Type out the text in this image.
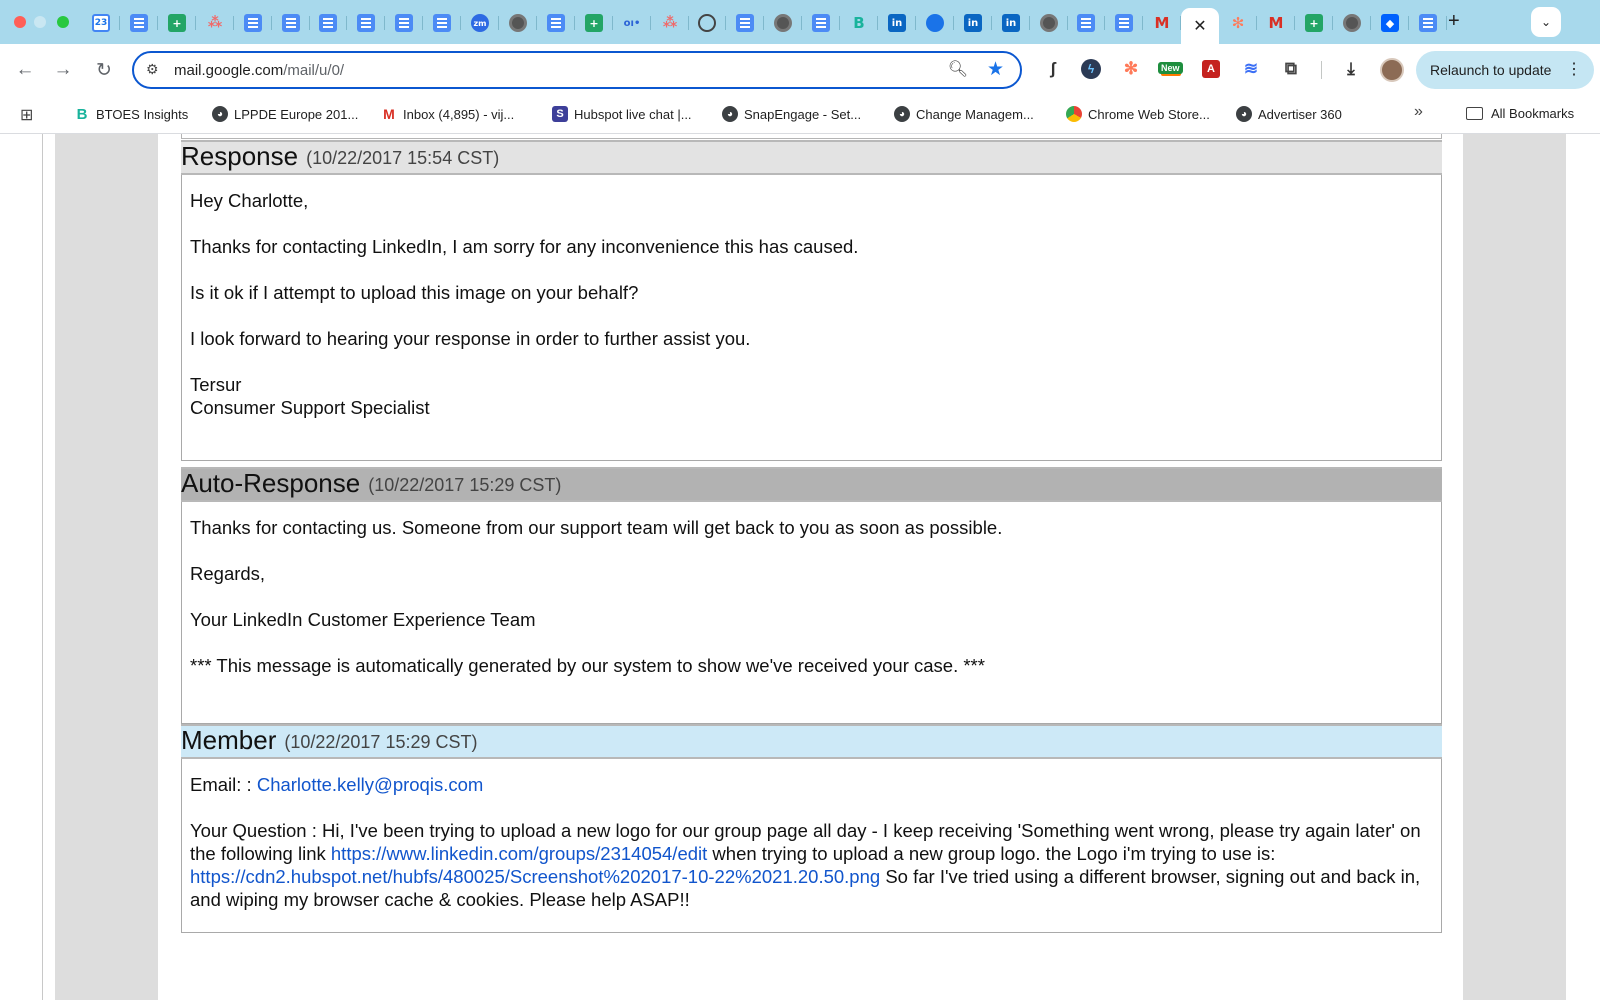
23	+	⁂	zm	+	oı• ⁂	B	in	in	in	M ✕ ✻ M	+	◆	+	⌄
← → ↻ ⚙ mail.google.com/mail/u/0/	🔍︎ ★	ʃ	ϟ	✻	New	A	≋	⧉	⤓	Relaunch to update ⋮
⊞	B BTOES Insights	◕ LPPDE Europe 201... M Inbox (4,895) - vij...	S Hubspot live chat |...	◕ SnapEngage - Set...	◕ Change Managem...	Chrome Web Store...	◕ Advertiser 360	»	All Bookmarks
Response (10/22/2017 15:54 CST)

Hey Charlotte,

Thanks for contacting LinkedIn, I am sorry for any inconvenience this has caused.

Is it ok if I attempt to upload this image on your behalf?

I look forward to hearing your response in order to further assist you.

Tersur

Consumer Support Specialist

Auto-Response (10/22/2017 15:29 CST)

Thanks for contacting us. Someone from our support team will get back to you as soon as possible.

Regards,

Your LinkedIn Customer Experience Team

*** This message is automatically generated by our system to show we've received your case. ***

Member (10/22/2017 15:29 CST)

Email: : Charlotte.kelly@proqis.com

Your Question : Hi, I've been trying to upload a new logo for our group page all day - I keep receiving 'Something went wrong, please try again later' on the following link https://www.linkedin.com/groups/2314054/edit when trying to upload a new group logo. the Logo i'm trying to use is: https://cdn2.hubspot.net/hubfs/480025/Screenshot%202017-10-22%2021.20.50.png So far I've tried using a different browser, signing out and back in, and wiping my browser cache & cookies. Please help ASAP!!
